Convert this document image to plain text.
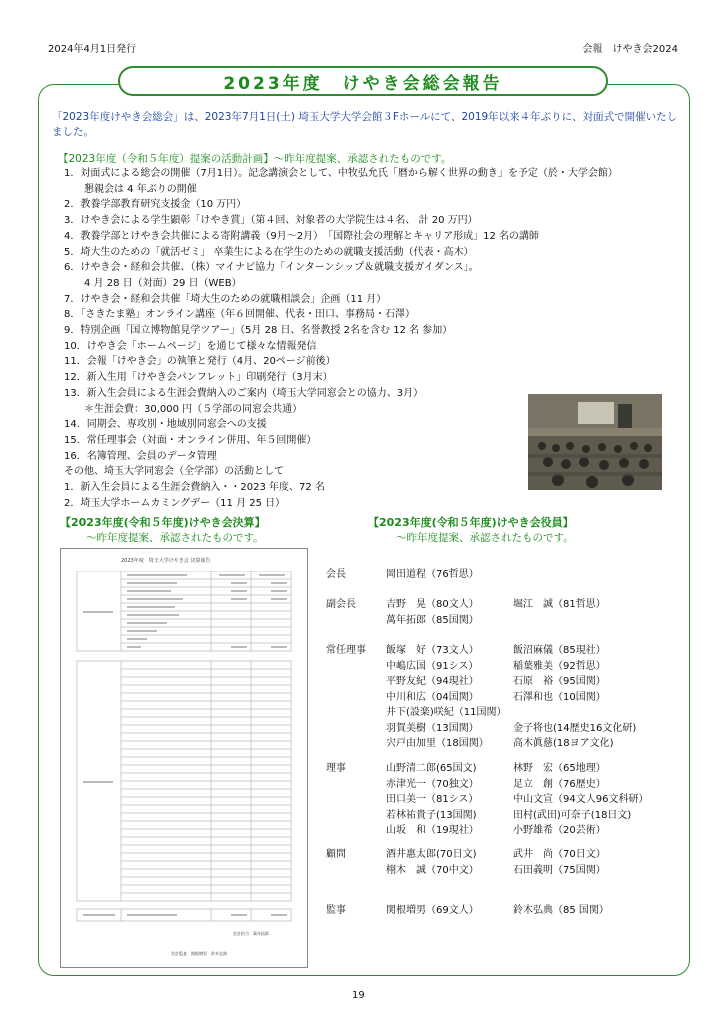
2024年4月1日発行	会報　けやき会2024
2023年度　けやき会総会報告
「2023年度けやき会総会」は、2023年7月1日(土) 埼玉大学大学会館３Fホールにて、2019年以来４年ぶりに、対面式で開催いたしました。
【2023年度（令和５年度）提案の活動計画】～昨年度提案、承認されたものです。
1．対面式による総会の開催（7月1日）。記念講演会として、中牧弘允氏「暦から解く世界の動き」を予定（於・大学会館）
　　懇親会は 4 年ぶりの開催
2．教養学部教育研究支援金（10 万円）
3．けやき会による学生顕彰「けやき賞」（第４回、対象者の大学院生は４名、 計 20 万円）
4．教養学部とけやき会共催による寄附講義（9月～2月）　「国際社会の理解とキャリア形成」12 名の講師
5．埼大生のための「就活ゼミ」 卒業生による在学生のための就職支援活動（代表・高木）
6．けやき会・経和会共催、（株）マイナビ協力「インターンシップ＆就職支援ガイダンス」。
　　4 月 28 日（対面）29 日（WEB）
7．けやき会・経和会共催「埼大生のための就職相談会」企画（11 月）
8．「さきたま塾」オンライン講座（年６回開催、代表・田口、事務局・石澤）
9．特別企画「国立博物館見学ツアー」（5月 28 日、名誉教授 2名を含む 12 名 参加）
10．けやき会「ホームページ」を通じて様々な情報発信
11．会報「けやき会」の執筆と発行（4月、20ページ前後）
12．新入生用「けやき会パンフレット」印刷発行（3月末）
13．新入生会員による生涯会費納入のご案内（埼玉大学同窓会との協力、3月）
　　＊生涯会費：30,000 円（５学部の同窓会共通）
14．同期会、専攻別・地域別同窓会への支援
15．常任理事会（対面・オンライン併用、年５回開催）
16．名簿管理、会員のデータ管理
その他、埼玉大学同窓会（全学部）の活動として
1．新入生会員による生涯会費納入・・2023 年度、72 名
2．埼玉大学ホームカミングデー（11 月 25 日）
【2023年度(令和５年度)けやき会決算】
～昨年度提案、承認されたものです。
2023年度　埼玉大学けやき会 決算報告
会計担当　萬年拓郎
会計監査　関根増男　鈴木弘典
【2023年度(令和５年度)けやき会役員】
～昨年度提案、承認されたものです。
会長	岡田道程（76哲思）
副会長	吉野　晃（80文人）	堀江　誠（81哲思）
萬年拓郎（85国関）
常任理事	飯塚　好（73文人）	飯沼麻儀（85現社）
中嶋広国（91シス）	稲葉雅美（92哲思）
平野友紀（94現社）	石原　裕（95国関）
中川和広（04国関）	石澤和也（10国関）
井下(設楽)咲紀（11国関）
羽賀美樹（13国関）	金子将也(14歴史16文化研)
宍戸由加里（18国関） 高木眞慈(18ヨア文化)
理事	山野清二郎(65国文)	林野　宏（65地理）
赤津光一（70独文）	足立　創（76歴史）
田口美一（81シス）	中山文宣（94文人96文科研）
若林祐貴子(13国関)	田村(武田)可奈子(18日文)
山坂　和（19現社）	小野雄希（20芸術）
顧問	酒井惠太郎(70日文)	武井　尚（70日文）
栩木　誠（70中文）	石田義明（75国関）
監事	関根増男（69文人）	鈴木弘典（85 国関）
19
